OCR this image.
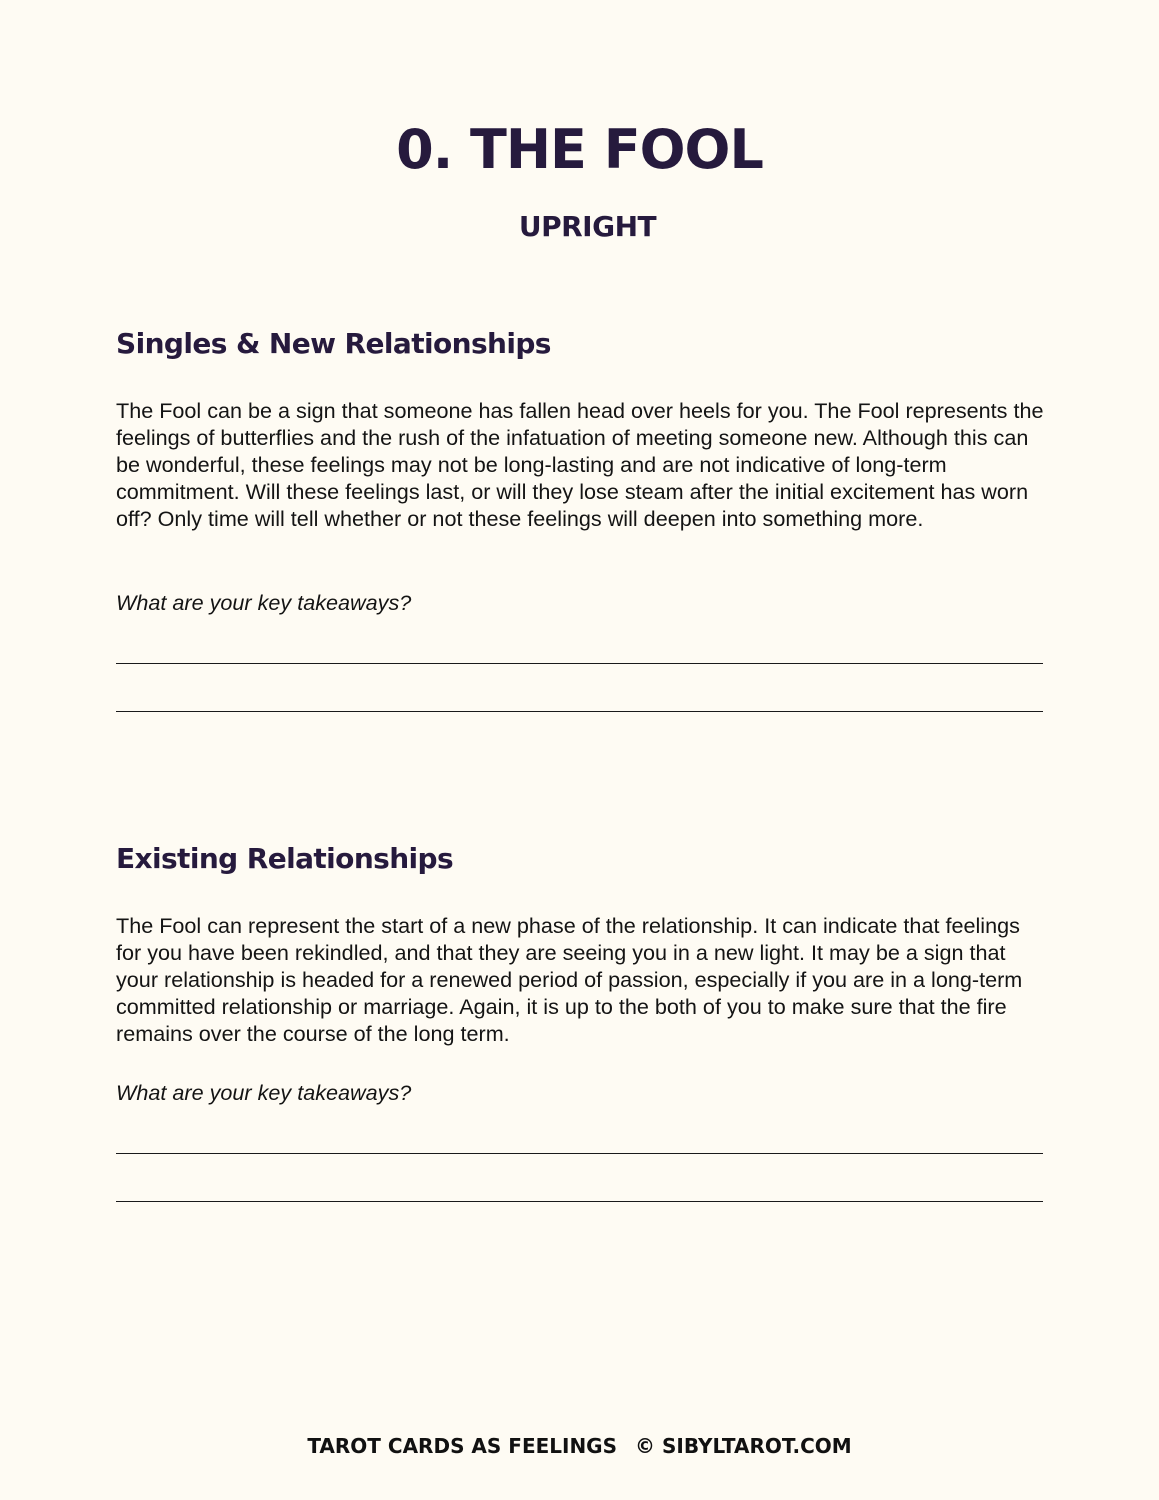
0. THE FOOL
UPRIGHT
Singles & New Relationships

The Fool can be a sign that someone has fallen head over heels for you. The Fool represents the feelings of butterflies and the rush of the infatuation of meeting someone new. Although this can be wonderful, these feelings may not be long-lasting and are not indicative of long-term commitment. Will these feelings last, or will they lose steam after the initial excitement has worn off? Only time will tell whether or not these feelings will deepen into something more.

What are your key takeaways?
Existing Relationships

The Fool can represent the start of a new phase of the relationship. It can indicate that feelings for you have been rekindled, and that they are seeing you in a new light. It may be a sign that your relationship is headed for a renewed period of passion, especially if you are in a long-term committed relationship or marriage. Again, it is up to the both of you to make sure that the fire remains over the course of the long term.

What are your key takeaways?
TAROT CARDS AS FEELINGS © SIBYLTAROT.COM
